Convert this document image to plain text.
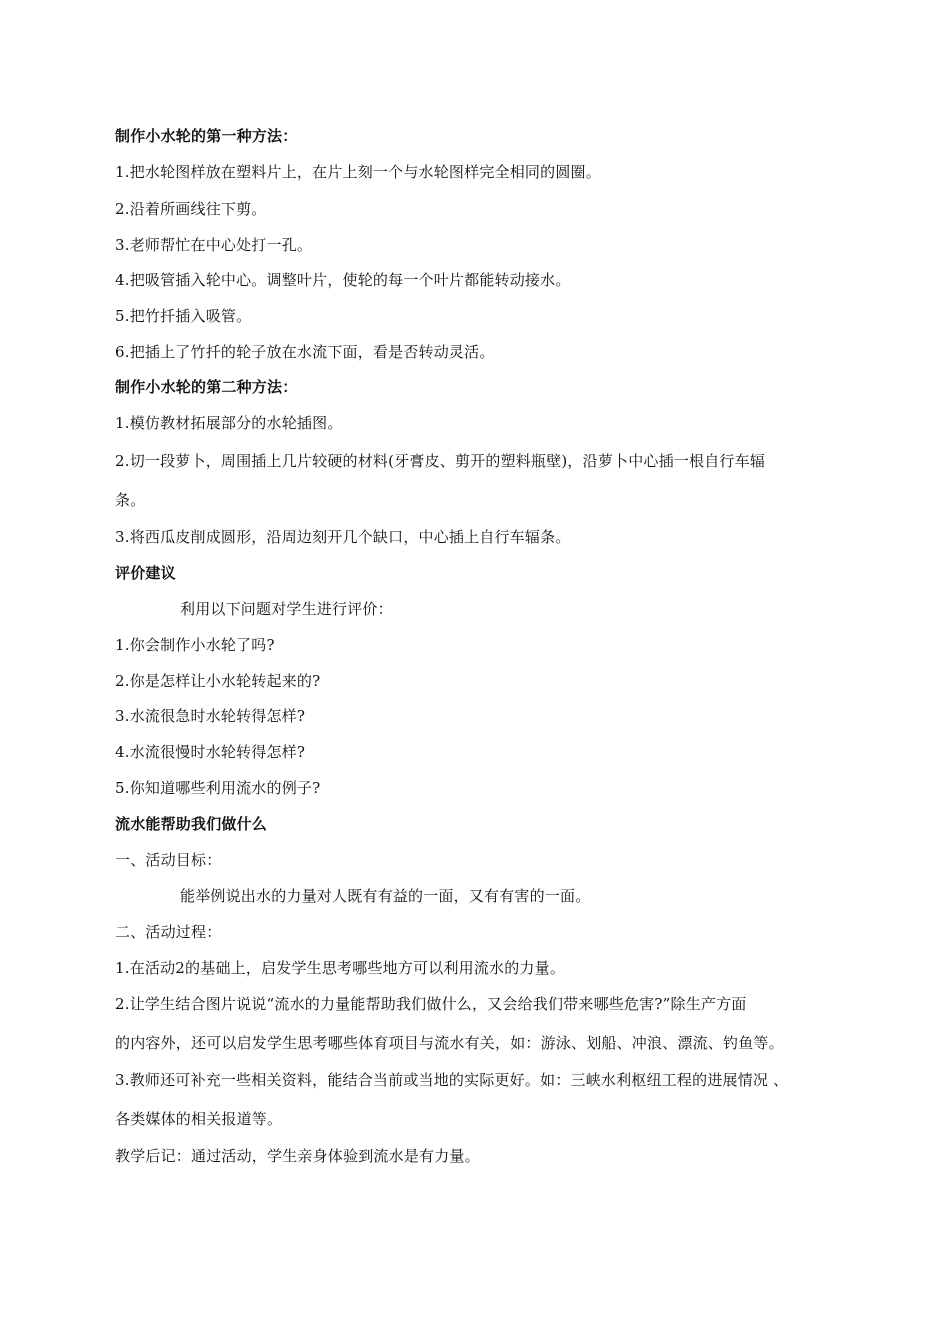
制作小水轮的第一种方法：
1.把水轮图样放在塑料片上，在片上刻一个与水轮图样完全相同的圆圈。
2.沿着所画线往下剪。
3.老师帮忙在中心处打一孔。
4.把吸管插入轮中心。调整叶片，使轮的每一个叶片都能转动接水。
5.把竹扦插入吸管。
6.把插上了竹扦的轮子放在水流下面，看是否转动灵活。
制作小水轮的第二种方法：
1.模仿教材拓展部分的水轮插图。
2.切一段萝卜，周围插上几片较硬的材料(牙膏皮、剪开的塑料瓶壁)，沿萝卜中心插一根自行车辐
条。
3.将西瓜皮削成圆形，沿周边刻开几个缺口，中心插上自行车辐条。
评价建议
利用以下问题对学生进行评价：
1.你会制作小水轮了吗?
2.你是怎样让小水轮转起来的?
3.水流很急时水轮转得怎样?
4.水流很慢时水轮转得怎样?
5.你知道哪些利用流水的例子?
流水能帮助我们做什么
一、活动目标：
能举例说出水的力量对人既有有益的一面，又有有害的一面。
二、活动过程：
1.在活动2的基础上，启发学生思考哪些地方可以利用流水的力量。
2.让学生结合图片说说“流水的力量能帮助我们做什么，又会给我们带来哪些危害?”除生产方面
的内容外，还可以启发学生思考哪些体育项目与流水有关，如：游泳、划船、冲浪、漂流、钓鱼等。
3.教师还可补充一些相关资料，能结合当前或当地的实际更好。如：三峡水利枢纽工程的进展情况 、
各类媒体的相关报道等。
教学后记：通过活动，学生亲身体验到流水是有力量。
